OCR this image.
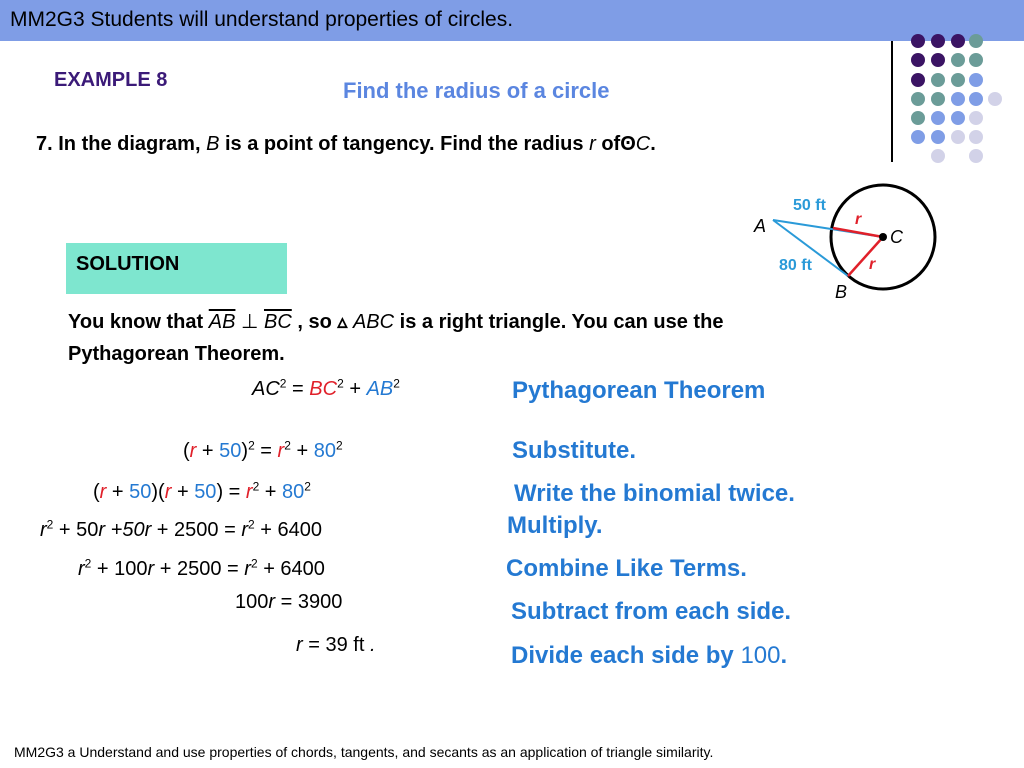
MM2G3 Students will understand properties of circles.
EXAMPLE 8	Find the radius of a circle
7. In the diagram, B is a point of tangency. Find the radius r ofʘC.
A
B
C
50 ft
80 ft
r
r
SOLUTION
You know that $\overline{AB}$ ⊥ $\overline{BC}$ , so ▵ ABC is a right triangle. You can use the
Pythagorean Theorem.
$AC^2 = BC^2 + AB^2$
$(r + 50)^2 = r^2 + 80^2$
$(r + 50)(r + 50) = r^2 + 80^2$
$r^2 + 50r +50r + 2500 = r^2 + 6400$
$r^2 + 100r + 2500 = r^2 + 6400$
100r = 3900
r = 39 ft .
Pythagorean Theorem
Substitute.
Write the binomial twice.
Multiply.
Combine Like Terms.
Subtract from each side.
Divide each side by 100.
MM2G3 a Understand and use properties of chords, tangents, and secants as an application of triangle similarity.
